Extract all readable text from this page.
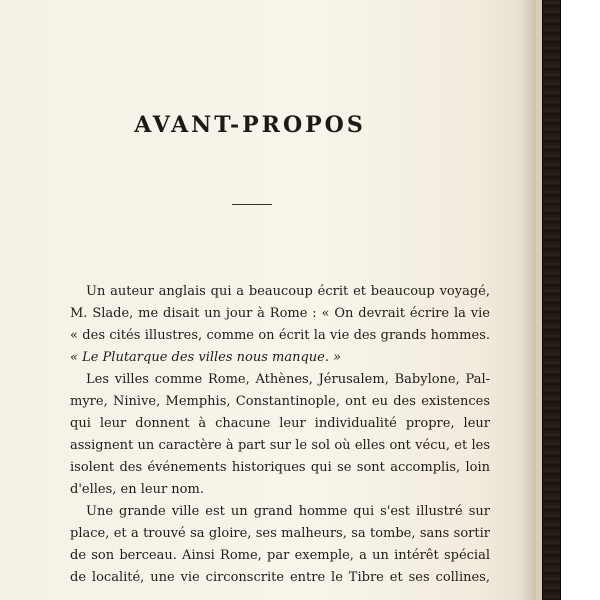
AVANT-PROPOS
Un auteur anglais qui a beaucoup écrit et beaucoup voyagé,
M. Slade, me disait un jour à Rome : « On devrait écrire la vie
« des cités illustres, comme on écrit la vie des grands hommes.
« Le Plutarque des villes nous manque. »
Les villes comme Rome, Athènes, Jérusalem, Babylone, Pal-
myre, Ninive, Memphis, Constantinople, ont eu des existences
qui leur donnent à chacune leur individualité propre, leur
assignent un caractère à part sur le sol où elles ont vécu, et les
isolent des événements historiques qui se sont accomplis, loin
d'elles, en leur nom.
Une grande ville est un grand homme qui s'est illustré sur
place, et a trouvé sa gloire, ses malheurs, sa tombe, sans sortir
de son berceau. Ainsi Rome, par exemple, a un intérêt spécial
de localité, une vie circonscrite entre le Tibre et ses collines,
